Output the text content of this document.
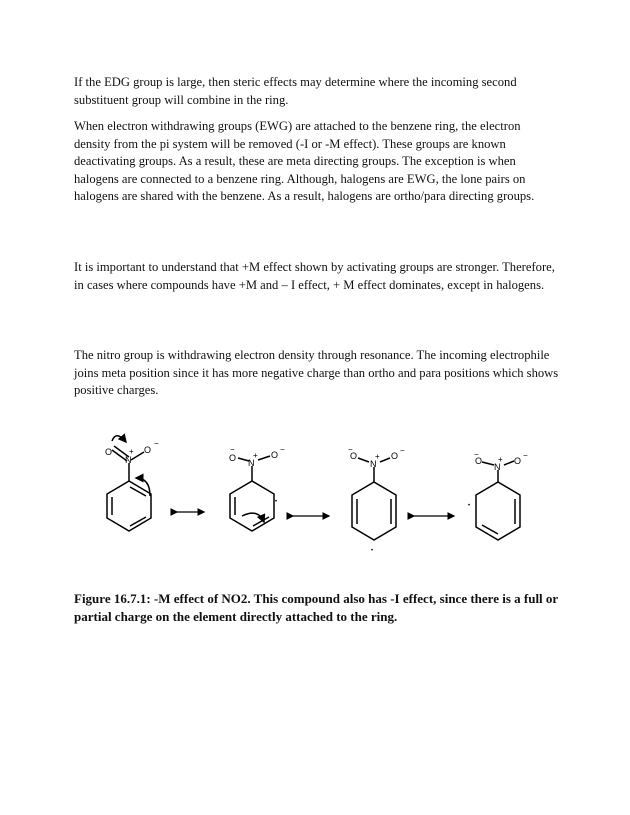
If the EDG group is large, then steric effects may determine where the incoming second substituent group will combine in the ring.

When electron withdrawing groups (EWG) are attached to the benzene ring, the electron density from the pi system will be removed (-I or -M effect). These groups are known deactivating groups. As a result, these are meta directing groups. The exception is when halogens are connected to a benzene ring. Although, halogens are EWG, the lone pairs on halogens are shared with the benzene. As a result, halogens are ortho/para directing groups.

It is important to understand that +M effect shown by activating groups are stronger. Therefore, in cases where compounds have +M and – I effect, + M effect dominates, except in halogens.

The nitro group is withdrawing electron density through resonance. The incoming electrophile joins meta position since it has more negative charge than ortho and para positions which shows positive charges.

O
N
+ O
−
O
−
N
+ O
−
•
O
−
N
+ O
−
•
O
−
N
+ O
−
•

Figure 16.7.1: -M effect of NO2. This compound also has -I effect, since there is a full or partial charge on the element directly attached to the ring.
